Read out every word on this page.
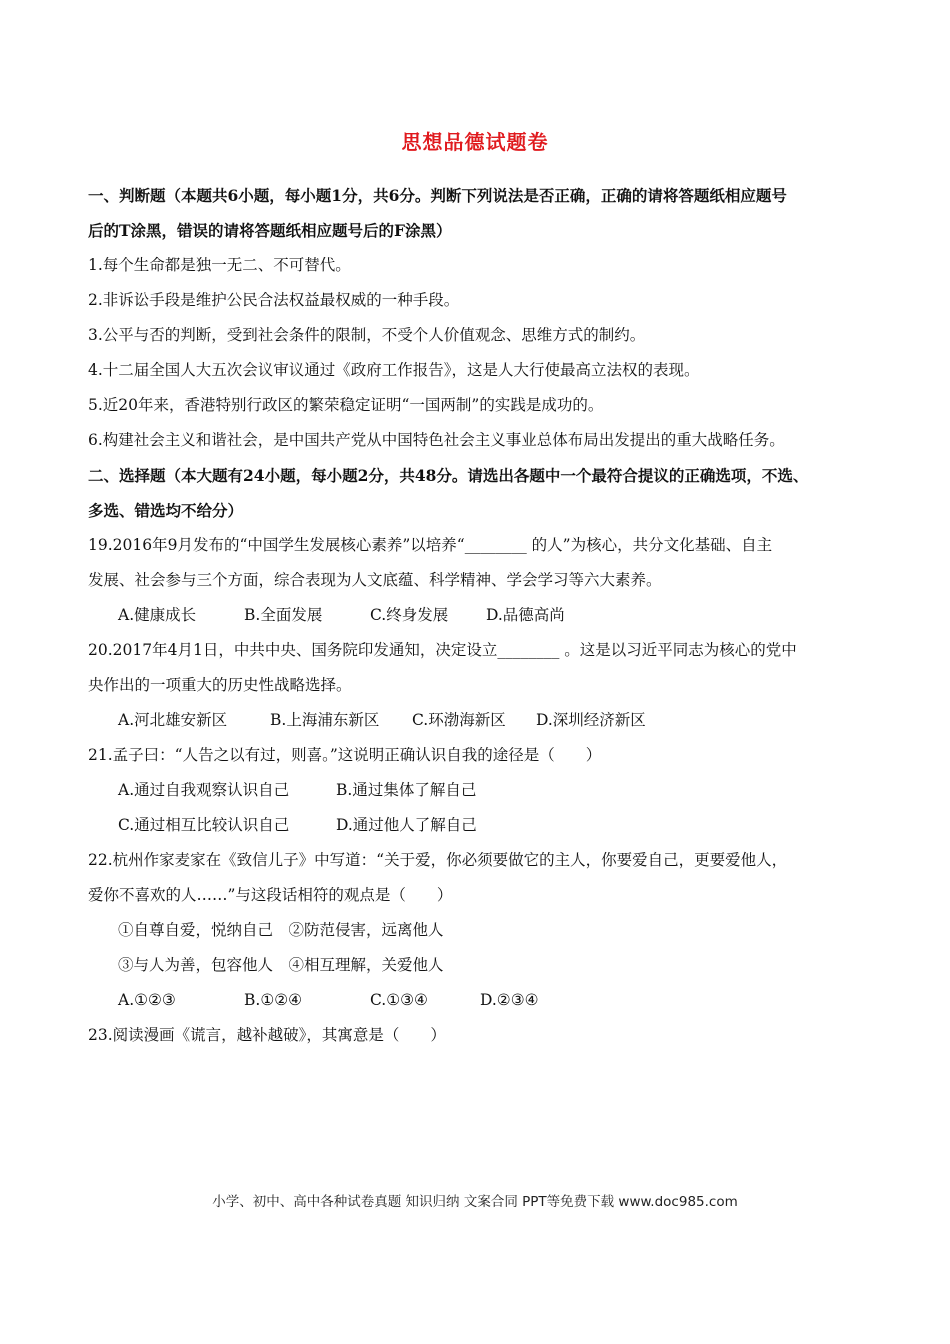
思想品德试题卷
一、判断题（本题共6小题，每小题1分，共6分。判断下列说法是否正确，正确的请将答题纸相应题号
后的T涂黑，错误的请将答题纸相应题号后的F涂黑）
1.每个生命都是独一无二、不可替代。
2.非诉讼手段是维护公民合法权益最权威的一种手段。
3.公平与否的判断，受到社会条件的限制，不受个人价值观念、思维方式的制约。
4.十二届全国人大五次会议审议通过《政府工作报告》，这是人大行使最高立法权的表现。
5.近20年来，香港特别行政区的繁荣稳定证明“一国两制”的实践是成功的。
6.构建社会主义和谐社会，是中国共产党从中国特色社会主义事业总体布局出发提出的重大战略任务。
二、选择题（本大题有24小题，每小题2分，共48分。请选出各题中一个最符合提议的正确选项，不选、
多选、错选均不给分）
19.2016年9月发布的“中国学生发展核心素养”以培养“________ 的人”为核心，共分文化基础、自主
发展、社会参与三个方面，综合表现为人文底蕴、科学精神、学会学习等六大素养。
A.健康成长	B.全面发展	C.终身发展 D.品德高尚
20.2017年4月1日，中共中央、国务院印发通知，决定设立________ 。这是以习近平同志为核心的党中
央作出的一项重大的历史性战略选择。
A.河北雄安新区	B.上海浦东新区 C.环渤海新区 D.深圳经济新区
21.孟子曰：“人告之以有过，则喜。”这说明正确认识自我的途径是（　　）
A.通过自我观察认识自己	B.通过集体了解自己
C.通过相互比较认识自己	D.通过他人了解自己
22.杭州作家麦家在《致信儿子》中写道：“关于爱，你必须要做它的主人，你要爱自己，更要爱他人，
爱你不喜欢的人……”与这段话相符的观点是（　　）
①自尊自爱，悦纳自己　②防范侵害，远离他人
③与人为善，包容他人　④相互理解，关爱他人
A.①②③	B.①②④	C.①③④	D.②③④
23.阅读漫画《谎言，越补越破》，其寓意是（　　）
小学、初中、高中各种试卷真题 知识归纳 文案合同 PPT等免费下载 www.doc985.com
